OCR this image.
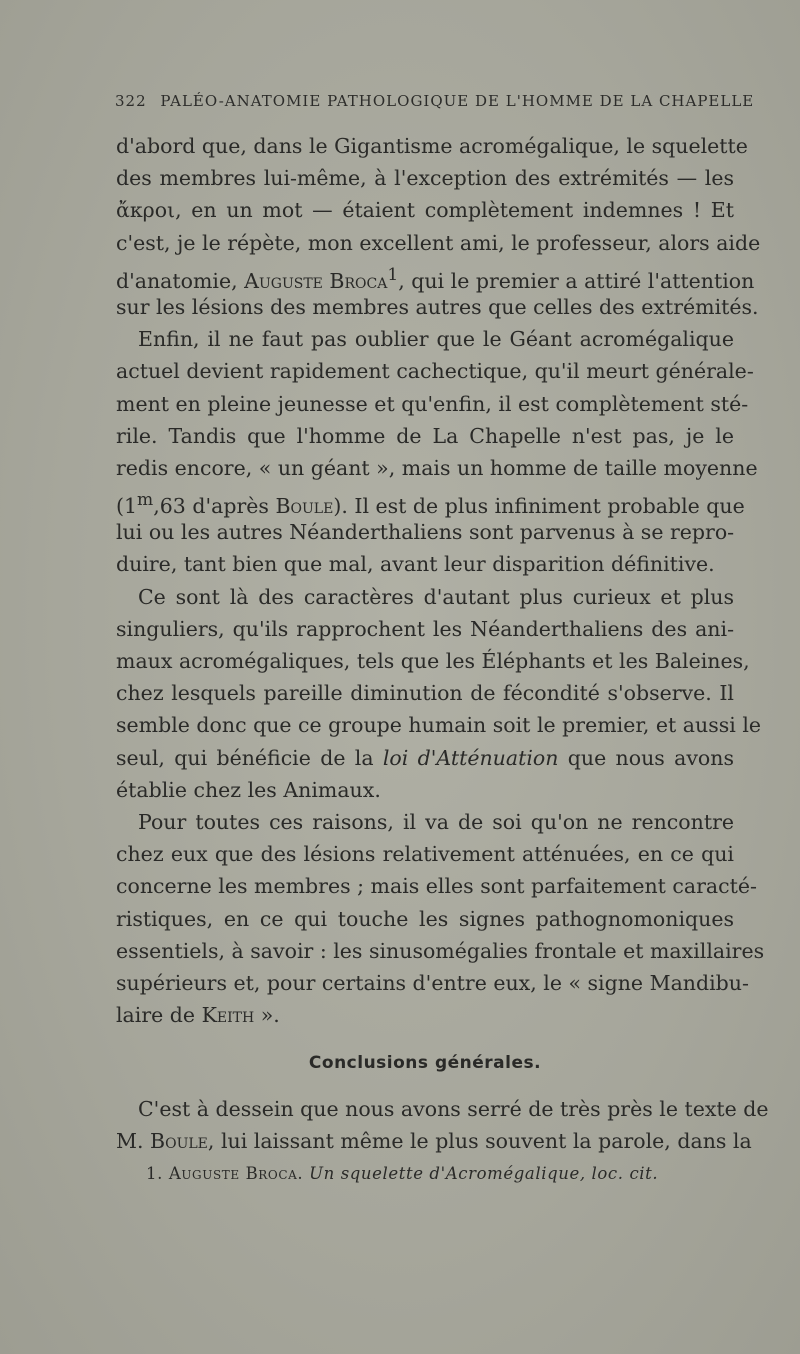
322 PALÉO-ANATOMIE PATHOLOGIQUE DE L'HOMME DE LA CHAPELLE
d'abord que, dans le Gigantisme acromégalique, le squelette
des membres lui-même, à l'exception des extrémités — les
ἄκροι, en un mot — étaient complètement indemnes ! Et
c'est, je le répète, mon excellent ami, le professeur, alors aide
d'anatomie, Auguste Broca$^1$, qui le premier a attiré l'attention
sur les lésions des membres autres que celles des extrémités.
Enfin, il ne faut pas oublier que le Géant acromégalique
actuel devient rapidement cachectique, qu'il meurt générale-
ment en pleine jeunesse et qu'enfin, il est complètement sté-
rile. Tandis que l'homme de La Chapelle n'est pas, je le
redis encore, « un géant », mais un homme de taille moyenne
(1$^m$,63 d'après Boule). Il est de plus infiniment probable que
lui ou les autres Néanderthaliens sont parvenus à se repro-
duire, tant bien que mal, avant leur disparition définitive.
Ce sont là des caractères d'autant plus curieux et plus
singuliers, qu'ils rapprochent les Néanderthaliens des ani-
maux acromégaliques, tels que les Éléphants et les Baleines,
chez lesquels pareille diminution de fécondité s'observe. Il
semble donc que ce groupe humain soit le premier, et aussi le
seul, qui bénéficie de la loi d'Atténuation que nous avons
établie chez les Animaux.
Pour toutes ces raisons, il va de soi qu'on ne rencontre
chez eux que des lésions relativement atténuées, en ce qui
concerne les membres ; mais elles sont parfaitement caracté-
ristiques, en ce qui touche les signes pathognomoniques
essentiels, à savoir : les sinusomégalies frontale et maxillaires
supérieurs et, pour certains d'entre eux, le « signe Mandibu-
laire de Keith ».
Conclusions générales.
C'est à dessein que nous avons serré de très près le texte de
M. Boule, lui laissant même le plus souvent la parole, dans la
1. Auguste Broca. Un squelette d'Acromégalique, loc. cit.
